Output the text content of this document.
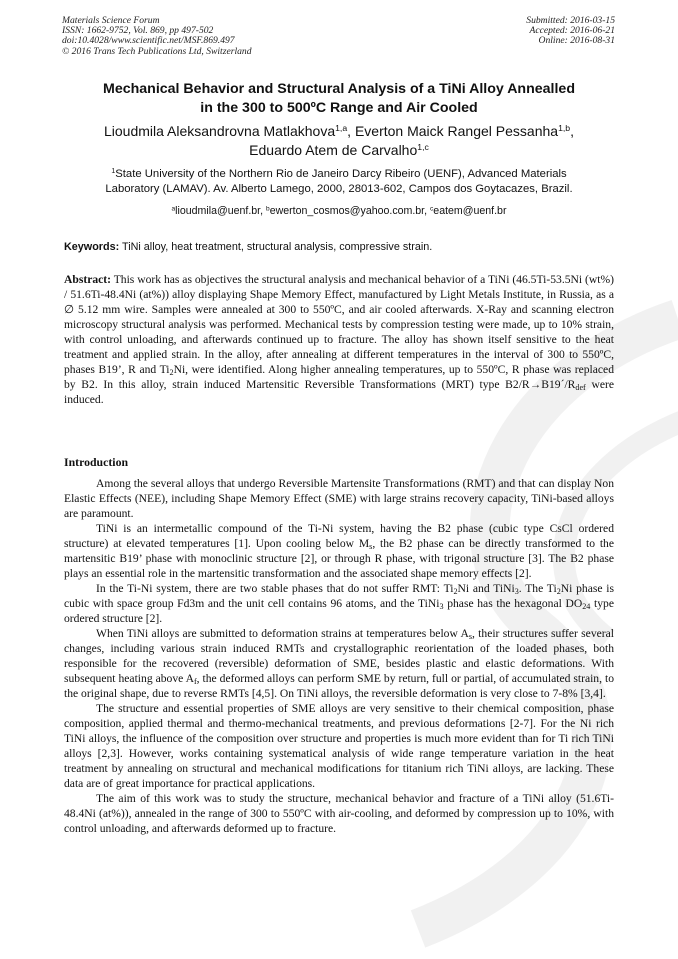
Materials Science Forum
ISSN: 1662-9752, Vol. 869, pp 497-502
doi:10.4028/www.scientific.net/MSF.869.497
© 2016 Trans Tech Publications Ltd, Switzerland
Submitted: 2016-03-15
Accepted: 2016-06-21
Online: 2016-08-31
Mechanical Behavior and Structural Analysis of a TiNi Alloy Annealled
in the 300 to 500ºC Range and Air Cooled
Lioudmila Aleksandrovna Matlakhova$^{1,a}$, Everton Maick Rangel Pessanha$^{1,b}$,
Eduardo Atem de Carvalho$^{1,c}$
$^1$State University of the Northern Rio de Janeiro Darcy Ribeiro (UENF), Advanced Materials
Laboratory (LAMAV). Av. Alberto Lamego, 2000, 28013-602, Campos dos Goytacazes, Brazil.
$^a$lioudmila@uenf.br, $^b$ewerton_cosmos@yahoo.com.br, $^c$eatem@uenf.br
Keywords: TiNi alloy, heat treatment, structural analysis, compressive strain.

Abstract: This work has as objectives the structural analysis and mechanical behavior of a TiNi (46.5Ti-53.5Ni (wt%) / 51.6Ti-48.4Ni (at%)) alloy displaying Shape Memory Effect, manufactured by Light Metals Institute, in Russia, as a ∅ 5.12 mm wire. Samples were annealed at 300 to 550ºC, and air cooled afterwards. X-Ray and scanning electron microscopy structural analysis was performed. Mechanical tests by compression testing were made, up to 10% strain, with control unloading, and afterwards continued up to fracture. The alloy has shown itself sensitive to the heat treatment and applied strain. In the alloy, after annealing at different temperatures in the interval of 300 to 550ºC, phases B19’, R and $Ti_2Ni$, were identified. Along higher annealing temperatures, up to 550ºC, R phase was replaced by B2. In this alloy, strain induced Martensitic Reversible Transformations (MRT) type $B2/R\to B19´/R_{def}$ were induced.

Introduction

Among the several alloys that undergo Reversible Martensite Transformations (RMT) and that can display Non Elastic Effects (NEE), including Shape Memory Effect (SME) with large strains recovery capacity, TiNi-based alloys are paramount.

TiNi is an intermetallic compound of the Ti-Ni system, having the B2 phase (cubic type CsCl ordered structure) at elevated temperatures [1]. Upon cooling below $M_s$, the B2 phase can be directly transformed to the martensitic B19’ phase with monoclinic structure [2], or through R phase, with trigonal structure [3]. The B2 phase plays an essential role in the martensitic transformation and the associated shape memory effects [2].

In the Ti-Ni system, there are two stable phases that do not suffer RMT: $Ti_2Ni$ and TiNi$_3$. The $Ti_2Ni$ phase is cubic with space group Fd3m and the unit cell contains 96 atoms, and the TiNi$_3$ phase has the hexagonal $DO_{24}$ type ordered structure [2].

When TiNi alloys are submitted to deformation strains at temperatures below $A_s$, their structures suffer several changes, including various strain induced RMTs and crystallographic reorientation of the loaded phases, both responsible for the recovered (reversible) deformation of SME, besides plastic and elastic deformations. With subsequent heating above $A_f$, the deformed alloys can perform SME by return, full or partial, of accumulated strain, to the original shape, due to reverse RMTs [4,5]. On TiNi alloys, the reversible deformation is very close to 7-8% [3,4].

The structure and essential properties of SME alloys are very sensitive to their chemical composition, phase composition, applied thermal and thermo-mechanical treatments, and previous deformations [2-7]. For the Ni rich TiNi alloys, the influence of the composition over structure and properties is much more evident than for Ti rich TiNi alloys [2,3]. However, works containing systematical analysis of wide range temperature variation in the heat treatment by annealing on structural and mechanical modifications for titanium rich TiNi alloys, are lacking. These data are of great importance for practical applications.

The aim of this work was to study the structure, mechanical behavior and fracture of a TiNi alloy (51.6Ti-48.4Ni (at%)), annealed in the range of 300 to 550ºC with air-cooling, and deformed by compression up to 10%, with control unloading, and afterwards deformed up to fracture.
